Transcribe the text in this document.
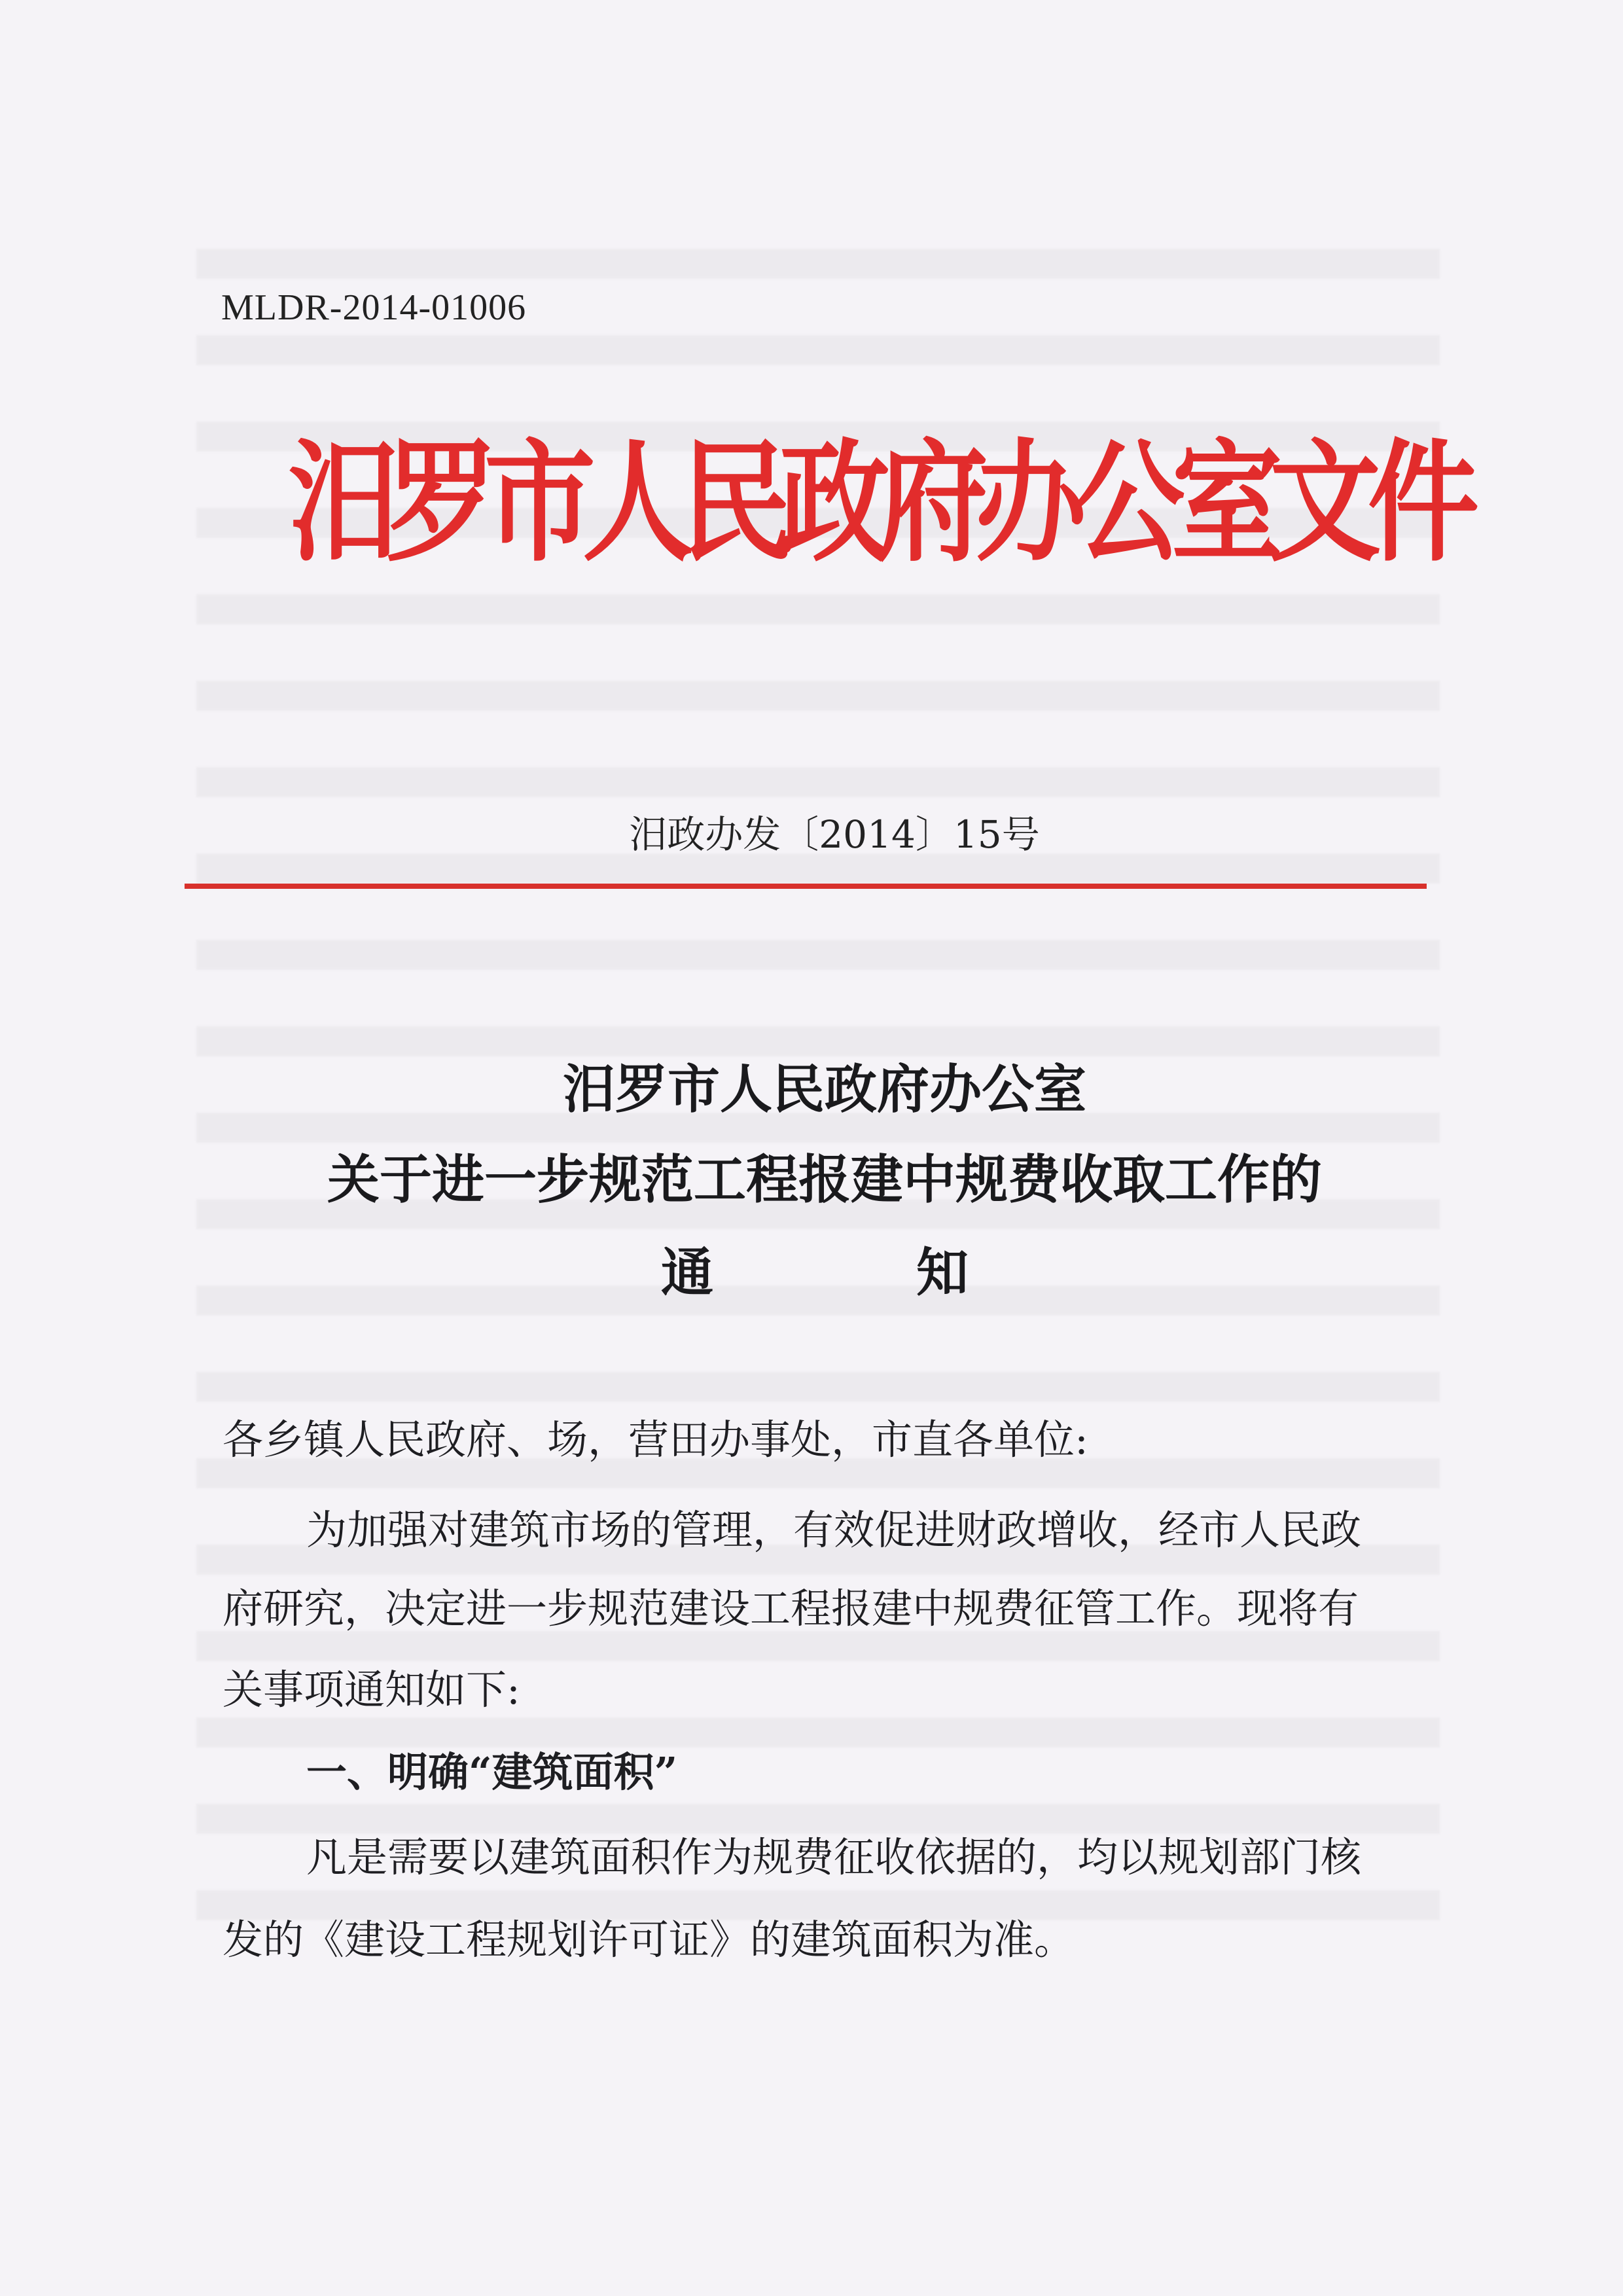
MLDR-2014-01006
汨罗市人民政府办公室文件
汨政办发〔2014〕15号
汨罗市人民政府办公室
关于进一步规范工程报建中规费收取工作的
通知
各乡镇人民政府、场，营田办事处，市直各单位:
为加强对建筑市场的管理，有效促进财政增收，经市人民政
府研究，决定进一步规范建设工程报建中规费征管工作。现将有
关事项通知如下:
一、明确“建筑面积”
凡是需要以建筑面积作为规费征收依据的，均以规划部门核
发的《建设工程规划许可证》的建筑面积为准。
